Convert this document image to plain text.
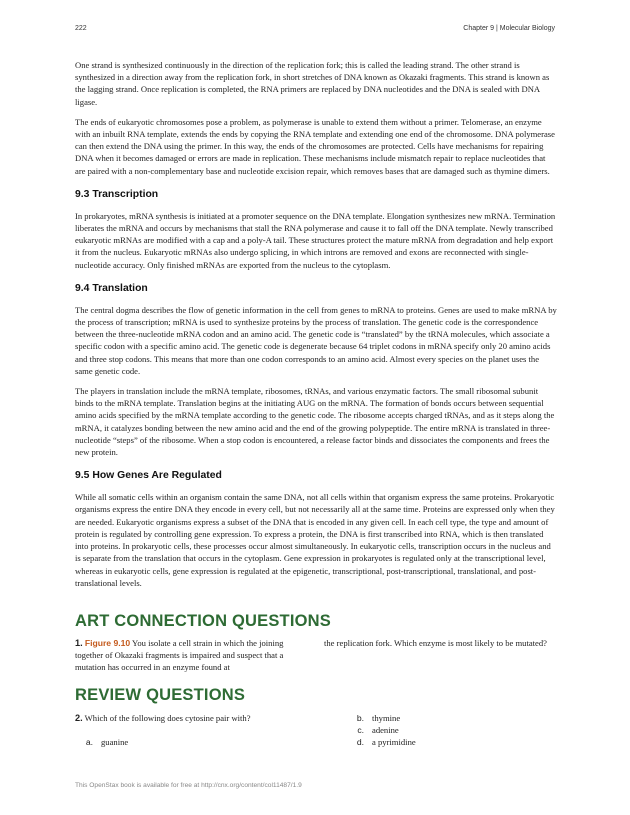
222	Chapter 9 | Molecular Biology

One strand is synthesized continuously in the direction of the replication fork; this is called the leading strand. The other strand is synthesized in a direction away from the replication fork, in short stretches of DNA known as Okazaki fragments. This strand is known as the lagging strand. Once replication is completed, the RNA primers are replaced by DNA nucleotides and the DNA is sealed with DNA ligase.

The ends of eukaryotic chromosomes pose a problem, as polymerase is unable to extend them without a primer. Telomerase, an enzyme with an inbuilt RNA template, extends the ends by copying the RNA template and extending one end of the chromosome. DNA polymerase can then extend the DNA using the primer. In this way, the ends of the chromosomes are protected. Cells have mechanisms for repairing DNA when it becomes damaged or errors are made in replication. These mechanisms include mismatch repair to replace nucleotides that are paired with a non-complementary base and nucleotide excision repair, which removes bases that are damaged such as thymine dimers.

9.3 Transcription

In prokaryotes, mRNA synthesis is initiated at a promoter sequence on the DNA template. Elongation synthesizes new mRNA. Termination liberates the mRNA and occurs by mechanisms that stall the RNA polymerase and cause it to fall off the DNA template. Newly transcribed eukaryotic mRNAs are modified with a cap and a poly-A tail. These structures protect the mature mRNA from degradation and help export it from the nucleus. Eukaryotic mRNAs also undergo splicing, in which introns are removed and exons are reconnected with single-nucleotide accuracy. Only finished mRNAs are exported from the nucleus to the cytoplasm.

9.4 Translation

The central dogma describes the flow of genetic information in the cell from genes to mRNA to proteins. Genes are used to make mRNA by the process of transcription; mRNA is used to synthesize proteins by the process of translation. The genetic code is the correspondence between the three-nucleotide mRNA codon and an amino acid. The genetic code is “translated” by the tRNA molecules, which associate a specific codon with a specific amino acid. The genetic code is degenerate because 64 triplet codons in mRNA specify only 20 amino acids and three stop codons. This means that more than one codon corresponds to an amino acid. Almost every species on the planet uses the same genetic code.

The players in translation include the mRNA template, ribosomes, tRNAs, and various enzymatic factors. The small ribosomal subunit binds to the mRNA template. Translation begins at the initiating AUG on the mRNA. The formation of bonds occurs between sequential amino acids specified by the mRNA template according to the genetic code. The ribosome accepts charged tRNAs, and as it steps along the mRNA, it catalyzes bonding between the new amino acid and the end of the growing polypeptide. The entire mRNA is translated in three-nucleotide “steps” of the ribosome. When a stop codon is encountered, a release factor binds and dissociates the components and frees the new protein.

9.5 How Genes Are Regulated

While all somatic cells within an organism contain the same DNA, not all cells within that organism express the same proteins. Prokaryotic organisms express the entire DNA they encode in every cell, but not necessarily all at the same time. Proteins are expressed only when they are needed. Eukaryotic organisms express a subset of the DNA that is encoded in any given cell. In each cell type, the type and amount of protein is regulated by controlling gene expression. To express a protein, the DNA is first transcribed into RNA, which is then translated into proteins. In prokaryotic cells, these processes occur almost simultaneously. In eukaryotic cells, transcription occurs in the nucleus and is separate from the translation that occurs in the cytoplasm. Gene expression in prokaryotes is regulated only at the transcriptional level, whereas in eukaryotic cells, gene expression is regulated at the epigenetic, transcriptional, post-transcriptional, translational, and post-translational levels.

ART CONNECTION QUESTIONS
1. Figure 9.10 You isolate a cell strain in which the joining together of Okazaki fragments is impaired and suspect that a mutation has occurred in an enzyme found at
the replication fork. Which enzyme is most likely to be mutated?
REVIEW QUESTIONS
2. Which of the following does cytosine pair with?
a. guanine
b. thymine
c. adenine
d. a pyrimidine
This OpenStax book is available for free at http://cnx.org/content/col11487/1.9
